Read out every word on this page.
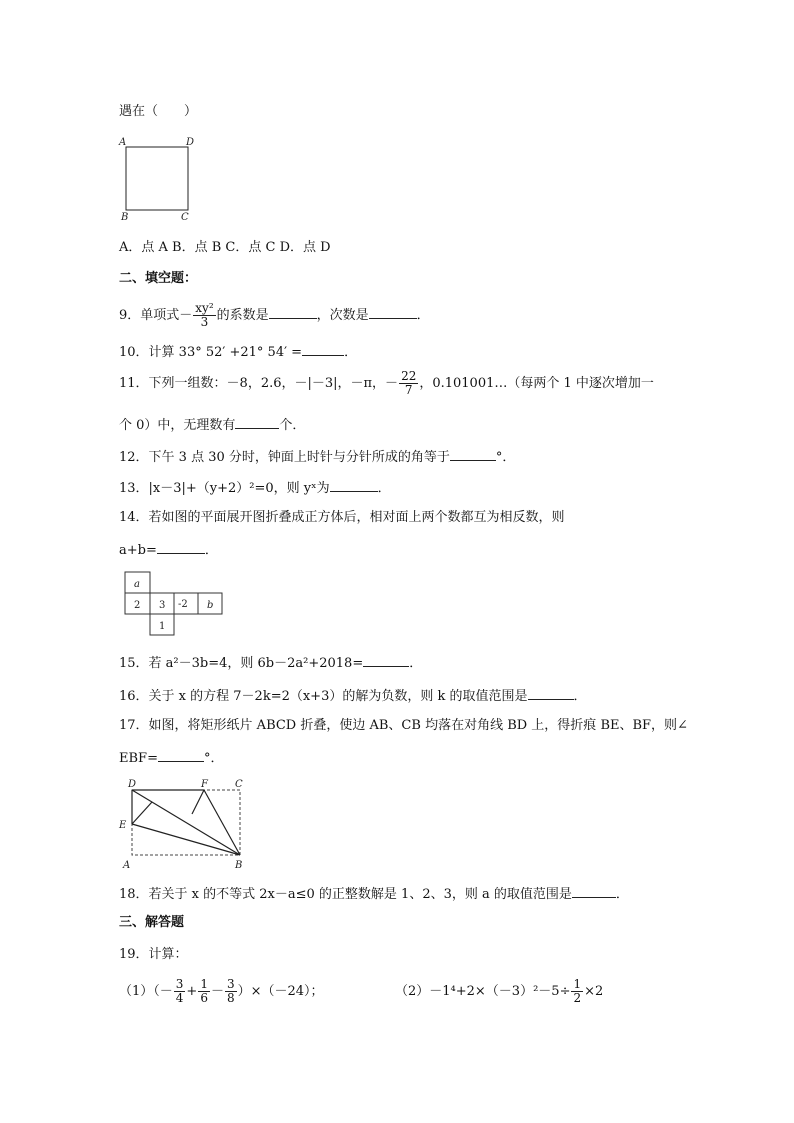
遇在（　　）
A	D
B	C
A．点 A B．点 B C．点 C D．点 D
二、填空题：
9．单项式－ $\frac{\text{xy²}}{3}$ 的系数是	，次数是	．
10．计算 33° 52′ +21° 54′ =	．
11．下列一组数：－8，2.6，－|－3|，－π，－ $\frac{22}{7}$ ，0.101001…（每两个 1 中逐次增加一
个 0）中，无理数有	个．
12．下午 3 点 30 分时，钟面上时针与分针所成的角等于	°．
13．|x－3|+（y+2）²=0，则 yˣ为	．
14．若如图的平面展开图折叠成正方体后，相对面上两个数都互为相反数，则
a+b=	．
a
2 3 -2 b
1
15．若 a²－3b=4，则 6b－2a²+2018=	．
16．关于 x 的方程 7－2k=2（x+3）的解为负数，则 k 的取值范围是	．
17．如图，将矩形纸片 ABCD 折叠，使边 AB、CB 均落在对角线 BD 上，得折痕 BE、BF，则∠
EBF=	°．
D	F	C
E
A	B
18．若关于 x 的不等式 2x－a≤0 的正整数解是 1、2、3，则 a 的取值范围是	．
三、解答题
19．计算：
$(1)(- \frac{3}{4} + \frac{1}{6} - \frac{3}{8} )\times(-24)$；	$(2)-1^4+2\times(-3)^2-5\div \frac{1}{2} \times 2$
